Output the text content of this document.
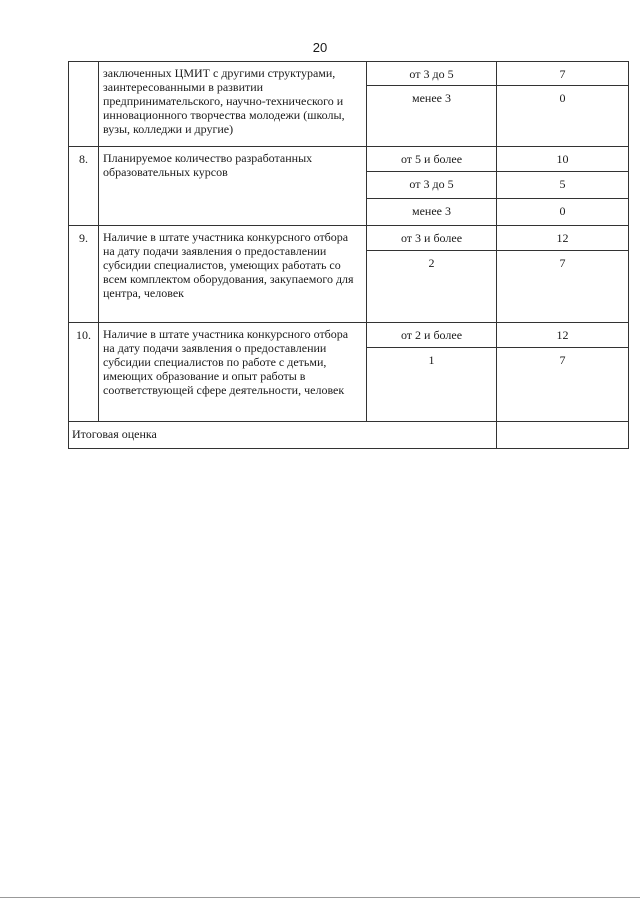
20
	заключенных ЦМИТ с другими структурами, заинтересованными в развитии предпринимательского, научно-технического и инновационного творчества молодежи (школы, вузы, колледжи и другие)	от 3 до 5	7
		менее 3	0
8.	Планируемое количество разработанных образовательных курсов	от 5 и более	10
		от 3 до 5	5
		менее 3	0
9.	Наличие в штате участника конкурсного отбора на дату подачи заявления о предоставлении субсидии специалистов, умеющих работать со всем комплектом оборудования, закупаемого для центра, человек	от 3 и более	12
		2	7
10.	Наличие в штате участника конкурсного отбора на дату подачи заявления о предоставлении субсидии специалистов по работе с детьми, имеющих образование и опыт работы в соответствующей сфере деятельности, человек	от 2 и более	12
		1	7
Итоговая оценка			
